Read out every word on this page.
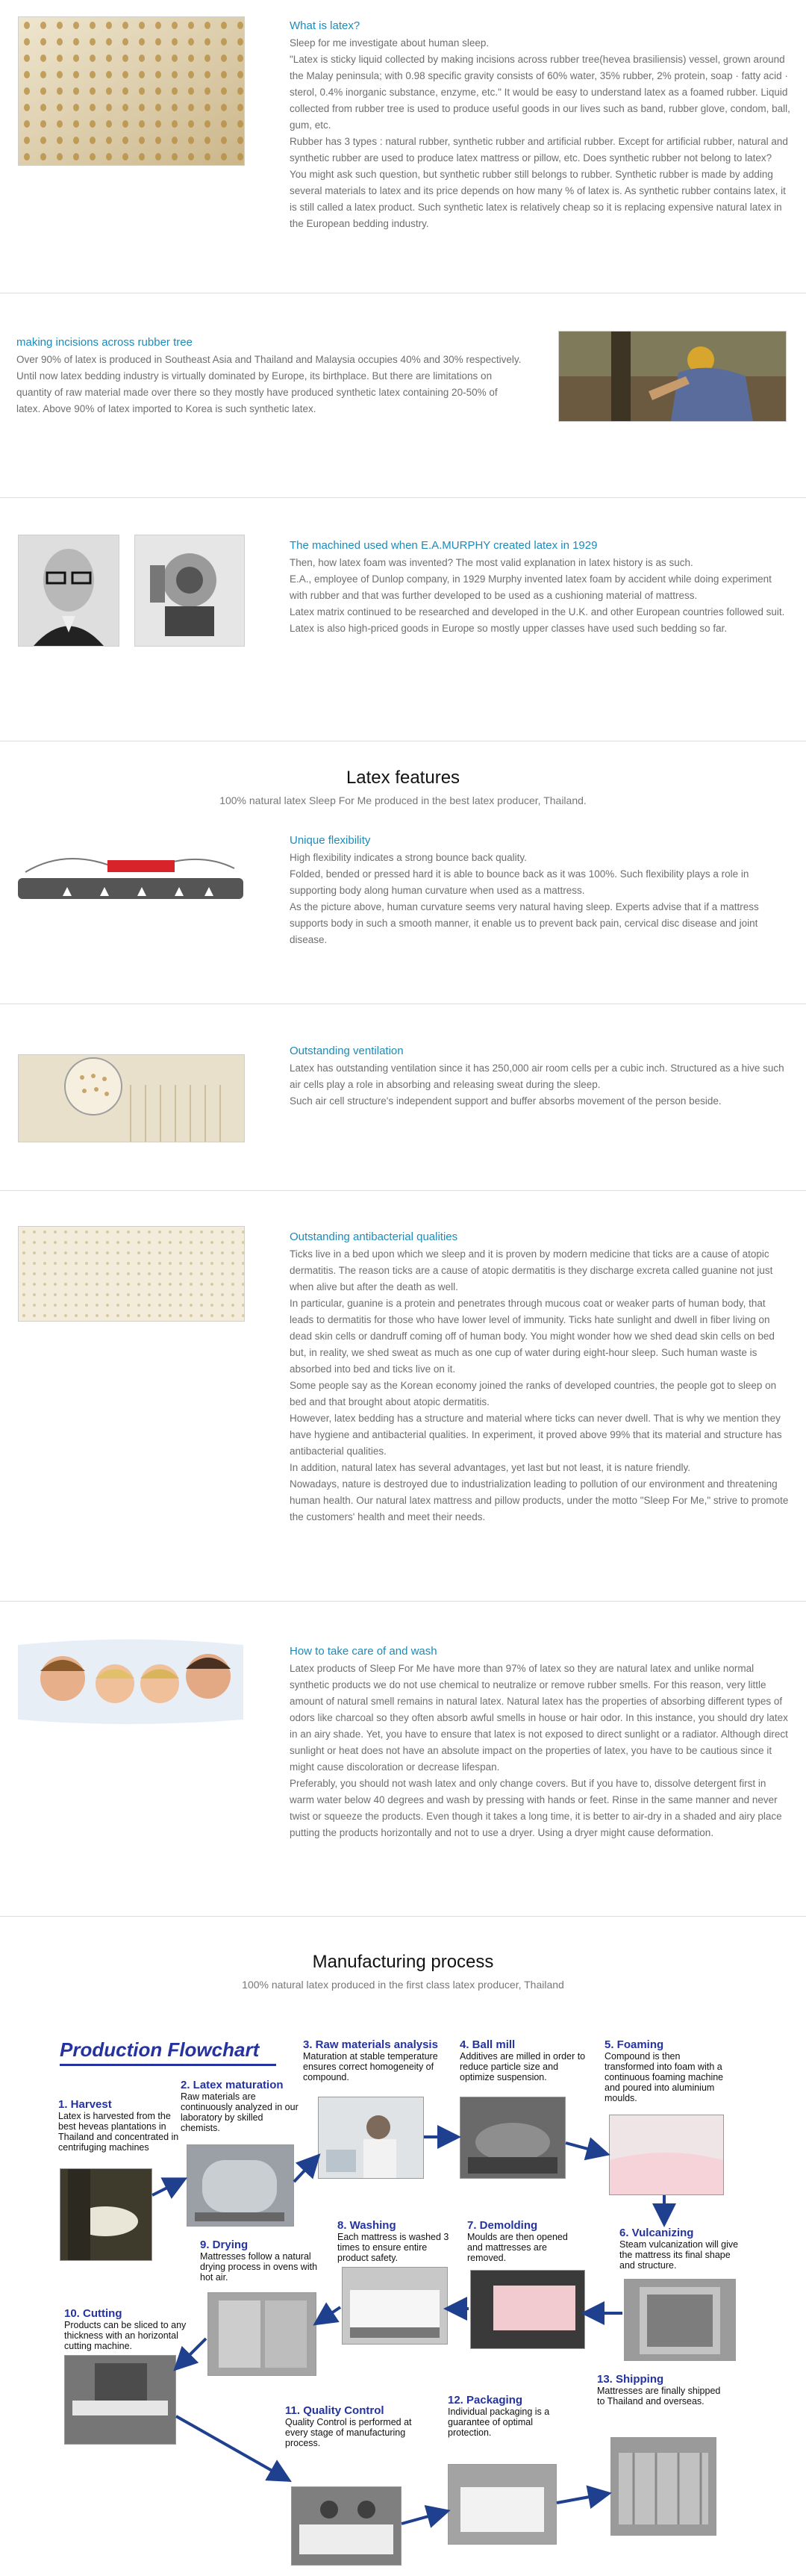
What is latex?
Sleep for me investigate about human sleep.
"Latex is sticky liquid collected by making incisions across rubber tree(hevea brasiliensis) vessel, grown around the Malay peninsula; with 0.98 specific gravity consists of 60% water, 35% rubber, 2% protein, soap · fatty acid · sterol, 0.4% inorganic substance, enzyme, etc." It would be easy to understand latex as a foamed rubber. Liquid collected from rubber tree is used to produce useful goods in our lives such as band, rubber glove, condom, ball, gum, etc.
Rubber has 3 types : natural rubber, synthetic rubber and artificial rubber. Except for artificial rubber, natural and synthetic rubber are used to produce latex mattress or pillow, etc. Does synthetic rubber not belong to latex? You might ask such question, but synthetic rubber still belongs to rubber. Synthetic rubber is made by adding several materials to latex and its price depends on how many % of latex is. As synthetic rubber contains latex, it is still called a latex product. Such synthetic latex is relatively cheap so it is replacing expensive natural latex in the European bedding industry.
making incisions across rubber tree
Over 90% of latex is produced in Southeast Asia and Thailand and Malaysia occupies 40% and 30% respectively.
Until now latex bedding industry is virtually dominated by Europe, its birthplace. But there are limitations on quantity of raw material made over there so they mostly have produced synthetic latex containing 20-50% of latex. Above 90% of latex imported to Korea is such synthetic latex.
The machined used when E.A.MURPHY created latex in 1929
Then, how latex foam was invented? The most valid explanation in latex history is as such.
E.A., employee of Dunlop company, in 1929 Murphy invented latex foam by accident while doing experiment with rubber and that was further developed to be used as a cushioning material of mattress.
Latex matrix continued to be researched and developed in the U.K. and other European countries followed suit.
Latex is also high-priced goods in Europe so mostly upper classes have used such bedding so far.
Latex features
100% natural latex Sleep For Me produced in the best latex producer, Thailand.
Unique flexibility
High flexibility indicates a strong bounce back quality.
Folded, bended or pressed hard it is able to bounce back as it was 100%. Such flexibility plays a role in supporting body along human curvature when used as a mattress.
As the picture above, human curvature seems very natural having sleep. Experts advise that if a mattress supports body in such a smooth manner, it enable us to prevent back pain, cervical disc disease and joint disease.
Outstanding ventilation
Latex has outstanding ventilation since it has 250,000 air room cells per a cubic inch. Structured as a hive such air cells play a role in absorbing and releasing sweat during the sleep.
Such air cell structure's independent support and buffer absorbs movement of the person beside.
Outstanding antibacterial qualities
Ticks live in a bed upon which we sleep and it is proven by modern medicine that ticks are a cause of atopic dermatitis. The reason ticks are a cause of atopic dermatitis is they discharge excreta called guanine not just when alive but after the death as well.
In particular, guanine is a protein and penetrates through mucous coat or weaker parts of human body, that leads to dermatitis for those who have lower level of immunity. Ticks hate sunlight and dwell in fiber living on dead skin cells or dandruff coming off of human body. You might wonder how we shed dead skin cells on bed but, in reality, we shed sweat as much as one cup of water during eight-hour sleep. Such human waste is absorbed into bed and ticks live on it.
Some people say as the Korean economy joined the ranks of developed countries, the people got to sleep on bed and that brought about atopic dermatitis.
However, latex bedding has a structure and material where ticks can never dwell. That is why we mention they have hygiene and antibacterial qualities. In experiment, it proved above 99% that its material and structure has antibacterial qualities.
In addition, natural latex has several advantages, yet last but not least, it is nature friendly.
Nowadays, nature is destroyed due to industrialization leading to pollution of our environment and threatening human health. Our natural latex mattress and pillow products, under the motto "Sleep For Me," strive to promote the customers' health and meet their needs.
How to take care of and wash
Latex products of Sleep For Me have more than 97% of latex so they are natural latex and unlike normal synthetic products we do not use chemical to neutralize or remove rubber smells. For this reason, very little amount of natural smell remains in natural latex. Natural latex has the properties of absorbing different types of odors like charcoal so they often absorb awful smells in house or hair odor. In this instance, you should dry latex in an airy shade. Yet, you have to ensure that latex is not exposed to direct sunlight or a radiator. Although direct sunlight or heat does not have an absolute impact on the properties of latex, you have to be cautious since it might cause discoloration or decrease lifespan.
Preferably, you should not wash latex and only change covers. But if you have to, dissolve detergent first in warm water below 40 degrees and wash by pressing with hands or feet. Rinse in the same manner and never twist or squeeze the products. Even though it takes a long time, it is better to air-dry in a shaded and airy place putting the products horizontally and not to use a dryer. Using a dryer might cause deformation.
Manufacturing process
100% natural latex produced in the first class latex producer, Thailand
Production Flowchart
1. Harvest
Latex is harvested from the best heveas plantations in Thailand and concentrated in centrifuging machines
2. Latex maturation
Raw materials are continuously analyzed in our laboratory by skilled chemists.
3. Raw materials analysis
Maturation at stable temperature ensures correct homogeneity of compound.
4. Ball mill
Additives are milled in order to reduce particle size and optimize suspension.
5. Foaming
Compound is then transformed into foam with a continuous foaming machine and poured into aluminium moulds.
6. Vulcanizing
Steam vulcanization will give the mattress its final shape and structure.
7. Demolding
Moulds are then opened and mattresses are removed.
8. Washing
Each mattress is washed 3 times to ensure entire product safety.
9. Drying
Mattresses follow a natural drying process in ovens with hot air.
10. Cutting
Products can be sliced to any thickness with an horizontal cutting machine.
11. Quality Control
Quality Control is performed at every stage of manufacturing process.
12. Packaging
Individual packaging is a guarantee of optimal protection.
13. Shipping
Mattresses are finally shipped to Thailand and overseas.
